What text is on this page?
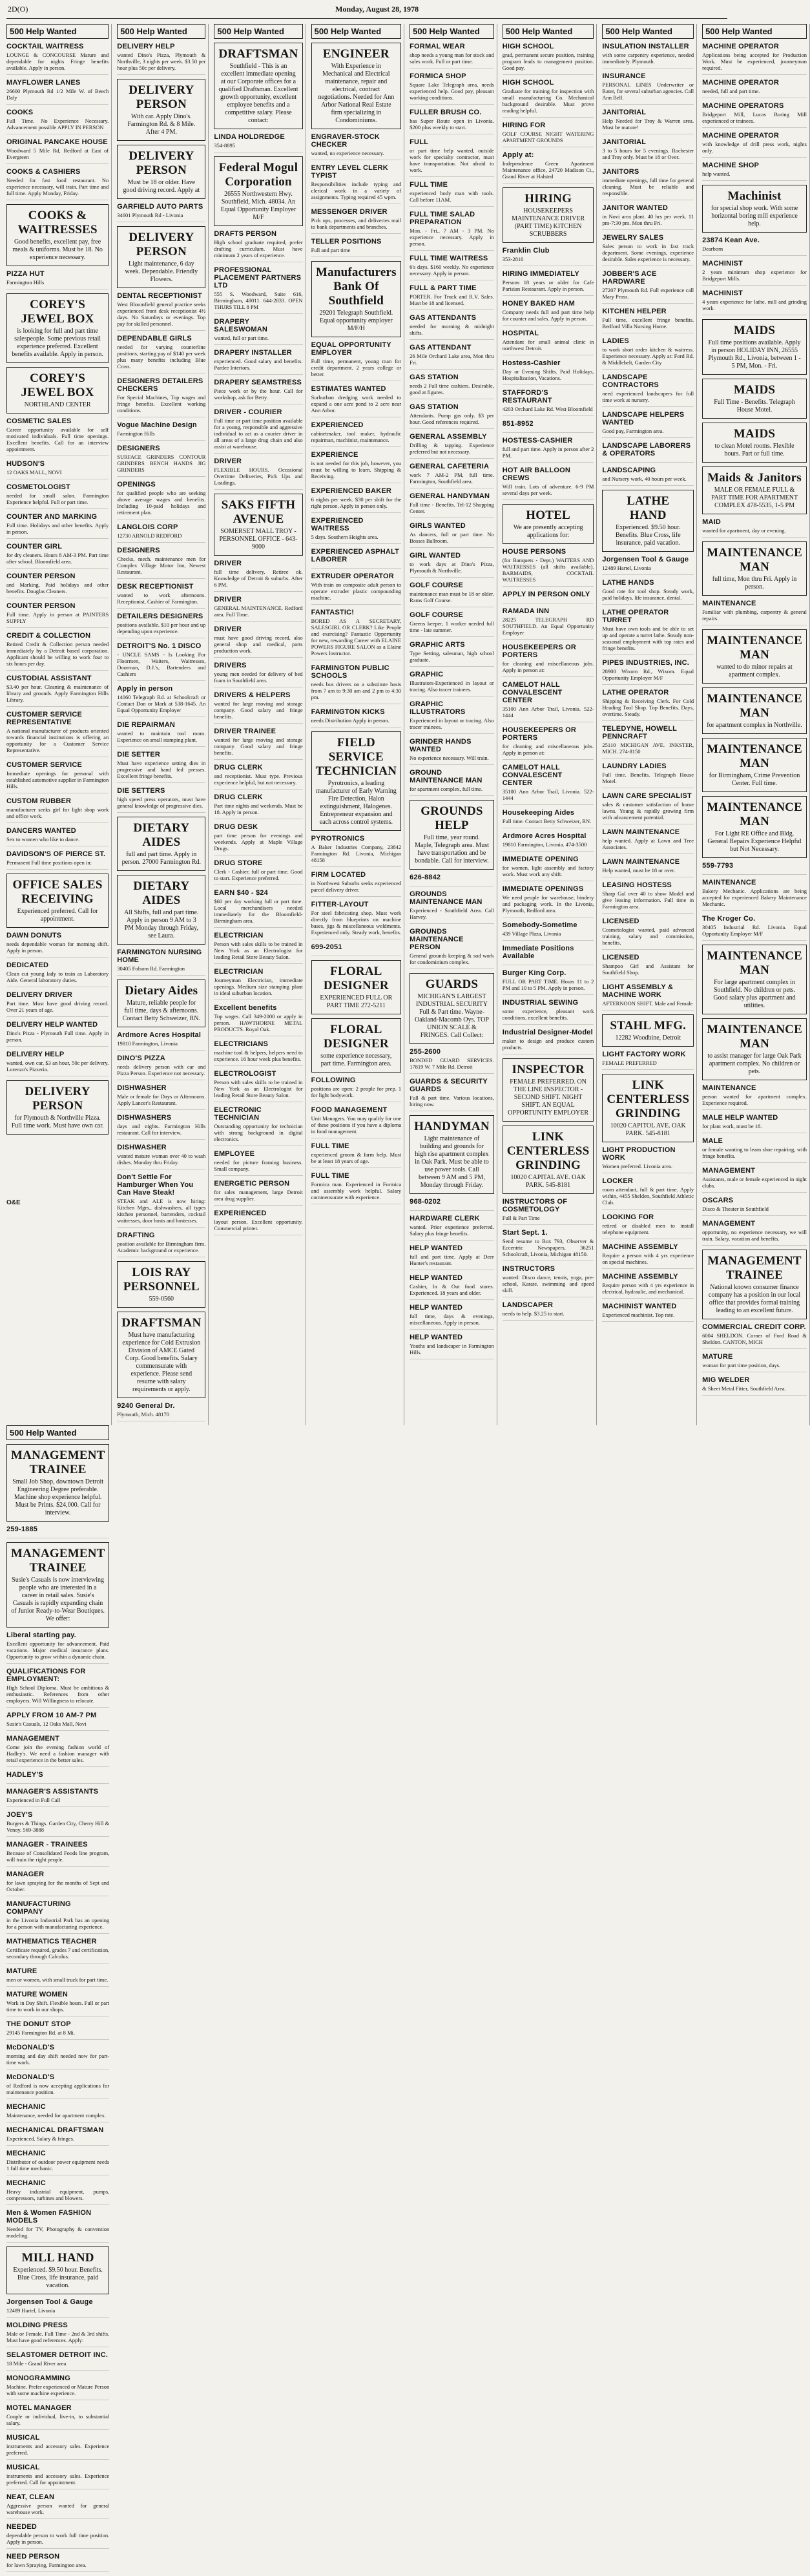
2D(O)	Monday, August 28, 1978
500 Help Wanted
COCKTAIL WAITRESS

LOUNGE & CONCOURSE Mature and dependable for nights Fringe benefits available. Apply in person.

MAYFLOWER LANES

26600 Plymouth Rd 1/2 Mile W. of Beech Daly

COOKS

Full Time. No Experience Necessary. Advancement possible APPLY IN PERSON

ORIGINAL PANCAKE HOUSE

Woodward 5 Mile Rd, Redford at East of Evergreen

COOKS & CASHIERS

Needed for fast food restaurant. No experience necessary, will train. Part time and full time. Apply Monday, Friday.

COOKS & WAITRESSES

Good benefits, excellent pay, free meals & uniforms. Must be 18. No experience necessary.

PIZZA HUT

Farmington Hills

COREY'S JEWEL BOX

is looking for full and part time salespeople. Some previous retail experience preferred. Excellent benefits available. Apply in person.

COREY'S JEWEL BOX

NORTHLAND CENTER

COSMETIC SALES

Career opportunity available for self motivated individuals. Full time openings. Excellent benefits. Call for an interview appointment.

HUDSON'S

12 OAKS MALL, NOVI

COSMETOLOGIST

needed for small salon. Farmington Experience helpful. Full or part time.

COUNTER AND MARKING

Full time. Holidays and other benefits. Apply in person.

COUNTER GIRL

for dry cleaners. Hours 8 AM-3 PM. Part time after school. Bloomfield area.

COUNTER PERSON

and Marking. Paid holidays and other benefits. Douglas Cleaners.

COUNTER PERSON

Full time. Apply in person at PAINTERS SUPPLY

CREDIT & COLLECTION

Retired Credit & Collection person needed immediately by a Detroit based corporation. Applicant should be willing to work four to six hours per day.

CUSTODIAL ASSISTANT

$3.40 per hour. Cleaning & maintenance of library and grounds. Apply Farmington Hills Library.

CUSTOMER SERVICE REPRESENTATIVE

A national manufacturer of products oriented towards financial institutions is offering an opportunity for a Customer Service Representative.

CUSTOMER SERVICE

Immediate openings for personal with established automotive supplier in Farmington Hills.

CUSTOM RUBBER

manufacturer seeks girl for light shop work and office work.

DANCERS WANTED

Sex to women who like to dance.

DAVIDSON'S OF PIERCE ST.

Permanent Full time positions open in:

OFFICE SALES RECEIVING

Experienced preferred. Call for appointment.

DAWN DONUTS

needs dependable woman for morning shift. Apply in person.

DEDICATED

Clean cut young lady to train as Laboratory Aide. General laboratory duties.

DELIVERY DRIVER

Part time. Must have good driving record. Over 21 years of age.

DELIVERY HELP WANTED

Dino's Pizza - Plymouth Full time. Apply in person.

DELIVERY HELP

wanted, own car, $3 an hour, 50c per delivery. Lorenzo's Pizzeria.

DELIVERY PERSON

for Plymouth & Northville Pizza. Full time work. Must have own car.

500 Help Wanted
DELIVERY HELP

wanted Dino's Pizza, Plymouth & Northville, 3 nights per week. $3.50 per hour plus 50c per delivery.

DELIVERY PERSON

With car. Apply Dino's. Farmington Rd. & 8 Mile. After 4 PM.

DELIVERY PERSON

Must be 18 or older. Have good driving record. Apply at

GARFIELD AUTO PARTS

34601 Plymouth Rd - Livonia

DELIVERY PERSON

Light maintenance, 6 day week. Dependable. Friendly Flowers.

DENTAL RECEPTIONIST

West Bloomfield general practice seeks experienced front desk receptionist 4½ days. No Saturdays or evenings. Top pay for skilled personnel.

DEPENDABLE GIRLS

needed for varying counterline positions, starting pay of $140 per week plus many benefits including Blue Cross.

DESIGNERS DETAILERS CHECKERS

For Special Machines, Top wages and fringe benefits. Excellent working conditions.

Vogue Machine Design

Farmington Hills

DESIGNERS

SURFACE GRINDERS CONTOUR GRINDERS BENCH HANDS JIG GRINDERS

OPENINGS

for qualified people who are seeking above average wages and benefits. Including 10-paid holidays and retirement plan.

LANGLOIS CORP

12730 ARNOLD REDFORD

DESIGNERS

Checks, mech. maintenance men for Complex Village Motor Inn, Newest Restaurant.

DESK RECEPTIONIST

wanted to work afternoons. Receptionist, Cashier of Farmington.

DETAILERS DESIGNERS

positions available. $10 per hour and up depending upon experience.

DETROIT'S No. 1 DISCO

- UNCLE SAMS - Is Looking For Floormen, Waiters, Waitresses, Doorman, D.J.'s, Bartenders and Cashiers

Apply in person

14060 Telegraph Rd. at Schoolcraft or Contact Don or Mark at 538-1645. An Equal Opportunity Employer

DIE REPAIRMAN

wanted to maintain tool room. Experience on small stamping plant.

DIE SETTER

Must have experience setting dies in progressive and hand fed presses. Excellent fringe benefits.

DIE SETTERS

high speed press operators, must have general knowledge of progressive dies.

DIETARY AIDES

full and part time. Apply in person. 27000 Farmington Rd.

DIETARY AIDES

All Shifts, full and part time. Apply in person 9 AM to 3 PM Monday through Friday, see Laura.

FARMINGTON NURSING HOME

30405 Folsom Rd. Farmington

Dietary Aides

Mature, reliable people for full time, days & afternoons. Contact Betty Schweizer, RN.

Ardmore Acres Hospital

19810 Farmington, Livonia

DINO'S PIZZA

needs delivery person with car and Pizza Person. Experience not necessary.

DISHWASHER

Male or female for Days or Afternoons. Apply Lancer's Restaurant.

DISHWASHERS

days and nights. Farmington Hills restaurant. Call for interview.

DISHWASHER

wanted mature woman over 40 to wash dishes. Monday thru Friday.

Don't Settle For Hamburger When You Can Have Steak!

STEAK and ALE is now hiring: Kitchen Mgrs., dishwashers, all types kitchen personnel, bartenders, cocktail waitresses, door hosts and hostesses.

DRAFTING

position available for Birmingham firm. Academic background or experience.

LOIS RAY PERSONNEL

559-0560

DRAFTSMAN

Must have manufacturing experience for Cold Extrusion Division of AMCE Gated Corp. Good benefits. Salary commensurate with experience. Please send resume with salary requirements or apply.

9240 General Dr.

Plymouth, Mich. 48170

500 Help Wanted
DRAFTSMAN

Southfield - This is an excellent immediate opening at our Corporate offices for a qualified Draftsman. Excellent growth opportunity, excellent employee benefits and a competitive salary. Please contact:

LINDA HOLDREDGE

354-8895

Federal Mogul Corporation

26555 Northwestern Hwy. Southfield, Mich. 48034. An Equal Opportunity Employer M/F

DRAFTS PERSON

High school graduate required, prefer drafting curriculum. Must have minimum 2 years of experience.

PROFESSIONAL PLACEMENT PARTNERS LTD

555 S. Woodward, Suite 616, Birmingham, 48011. 644-2833. OPEN THURS TILL 8 PM

DRAPERY SALESWOMAN

wanted, full or part time.

DRAPERY INSTALLER

experienced. Good salary and benefits. Pardee Interiors.

DRAPERY SEAMSTRESS

Piece work or by the hour. Call for workshop, ask for Betty.

DRIVER - COURIER

Full time or part time position available for a young, responsible and aggressive individual to act as a courier driver in all areas of a large drug chain and also assist at warehouse.

DRIVER

FLEXIBLE HOURS. Occasional Overtime Deliveries, Pick Ups and Loadings.

SAKS FIFTH AVENUE

SOMERSET MALL TROY - PERSONNEL OFFICE - 643-9000

DRIVER

full time delivery. Retiree ok. Knowledge of Detroit & suburbs. After 6 PM.

DRIVER

GENERAL MAINTENANCE. Redford area. Full Time.

DRIVER

must have good driving record, also general shop and medical, parts production work.

DRIVERS

young men needed for delivery of bed foam in Southfield area.

DRIVERS & HELPERS

wanted for large moving and storage company. Good salary and fringe benefits.

DRIVER TRAINEE

wanted for large moving and storage company. Good salary and fringe benefits.

DRUG CLERK

and receptionist. Must type. Previous experience helpful, but not necessary.

DRUG CLERK

Part time nights and weekends. Must be 18. Apply in person.

DRUG DESK

part time person for evenings and weekends. Apply at Maple Village Drugs.

DRUG STORE

Clerk - Cashier, full or part time. Good to start. Experience preferred.

EARN $40 - $24

$60 per day working full or part time. Local merchandisers needed immediately for the Bloomfield-Birmingham area.

ELECTRICIAN

Person with sales skills to be trained in New York as an Electrologist for leading Retail Store Beauty Salon.

ELECTRICIAN

Journeyman Electrician, immediate openings. Medium size stamping plant in ideal suburban location.

Excellent benefits

Top wages. Call 349-2000 or apply in person. HAWTHORNE METAL PRODUCTS. Royal Oak.

ELECTRICIANS

machine tool & helpers, helpers need to experience. 16 hour week plus benefits.

ELECTROLOGIST

Person with sales skills to be trained in New York as an Electrologist for leading Retail Store Beauty Salon.

ELECTRONIC TECHNICIAN

Outstanding opportunity for technician with strong background in digital electronics.

EMPLOYEE

needed for picture framing business. Small company.

ENERGETIC PERSON

for sales management, large Detroit area drug supplier.

EXPERIENCED

layout person. Excellent opportunity. Commercial printer.

500 Help Wanted
ENGINEER

With Experience in Mechanical and Electrical maintenance, repair and electrical, contract negotiations. Needed for Ann Arbor National Real Estate firm specializing in Condominiums.

ENGRAVER-STOCK CHECKER

wanted, no experience necessary.

ENTRY LEVEL CLERK TYPIST

Responsibilities include typing and clerical work in a variety of assignments. Typing required 45 wpm.

MESSENGER DRIVER

Pick ups, processes, and deliveries mail to bank departments and branches.

TELLER POSITIONS

Full and part time

Manufacturers Bank Of Southfield

29201 Telegraph Southfield. Equal opportunity employer M/F/H

EQUAL OPPORTUNITY EMPLOYER

Full time, permanent, young man for credit department. 2 years college or better.

ESTIMATES WANTED

Surburban dredging work needed to expand a one acre pond to 2 acre near Ann Arbor.

EXPERIENCED

cabinetmaker, tool maker, hydraulic repairman, machinist, maintenance.

EXPERIENCE

is not needed for this job, however, you must be willing to learn. Shipping & Receiving.

EXPERIENCED BAKER

6 nights per week. $30 per shift for the right person. Apply in person only.

EXPERIENCED WAITRESS

5 days. Southern Heights area.

EXPERIENCED ASPHALT LABORER
EXTRUDER OPERATOR

With train on composite adult person to operate extruder plastic compounding machine.

FANTASTIC!

BORED AS A SECRETARY, SALESGIRL OR CLERK? Like People and exercising? Fantastic Opportunity for new, rewarding Career with ELAINE POWERS FIGURE SALON as a Elaine Powers Instructor.

FARMINGTON PUBLIC SCHOOLS

needs bus drivers on a substitute basis from 7 am to 9:30 am and 2 pm to 4:30 pm.

FARMINGTON KICKS

needs Distribution Apply in person.

FIELD SERVICE TECHNICIAN

Pyrotronics, a leading manufacturer of Early Warning Fire Detection, Halon extinguishment, Halogenes. Entrepreneur expansion and each across control systems.

PYROTRONICS

A Baker Industries Company, 23842 Farmington Rd. Livonia, Michigan 48158

FIRM LOCATED

in Northwest Suburbs seeks experienced parcel delivery driver.

FITTER-LAYOUT

For steel fabricating shop. Must work directly from blueprints on machine bases, jigs & miscellaneous weldments. Experienced only. Steady work, benefits.

699-2051
FLORAL DESIGNER

EXPERIENCED FULL OR PART TIME 272-5211

FLORAL DESIGNER

some experience necessary, part time. Farmington area.

FOLLOWING

positions are open: 2 people for prep. 1 for light bodywork.

FOOD MANAGEMENT

Unit Managers. You may qualify for one of these positions if you have a diploma in food management.

FULL TIME

experienced groom & farm help. Must be at least 18 years of age.

FULL TIME

Formica man. Experienced in Formica and assembly work helpful. Salary commensurate with experience.

500 Help Wanted
FORMAL WEAR

shop needs a young man for stock and sales work. Full or part time.

FORMICA SHOP

Square Lake Telegraph area, needs experienced help. Good pay, pleasant working conditions.

FULLER BRUSH CO.

has Super Route open in Livonia. $200 plus weekly to start.

FULL

or part time help wanted, outside work for specialty contractor, must have transportation. Not afraid to work.

FULL TIME

experienced body man with tools. Call before 11AM.

FULL TIME SALAD PREPARATION

Mon. - Fri., 7 AM - 3 PM. No experience necessary. Apply in person.

FULL TIME WAITRESS

6's days. $160 weekly. No experience necessary. Apply in person.

FULL & PART TIME

PORTER. For Truck and R.V. Sales. Must be 18 and licensed.

GAS ATTENDANTS

needed for morning & midnight shifts.

GAS ATTENDANT

26 Mile Orchard Lake area, Mon thru Fri.

GAS STATION

needs 2 Full time cashiers. Desirable, good at figures.

GAS STATION

Attendants. Pump gas only. $3 per hour. Good references required.

GENERAL ASSEMBLY

Drilling & tapping. Experience preferred but not necessary.

GENERAL CAFETERIA

work 7 AM-2 PM, full time. Farmington, Southfield area.

GENERAL HANDYMAN

Full time - Benefits. Tel-12 Shopping Center.

GIRLS WANTED

As dancers, full or part time. No Bosses Ballroom.

GIRL WANTED

to work days at Dino's Pizza, Plymouth & Northville.

GOLF COURSE

maintenance man must be 18 or older. Rams Golf Course.

GOLF COURSE

Greens keeper, 1 worker needed full time - late summer.

GRAPHIC ARTS

Type Setting, salesman, high school graduate.

GRAPHIC

Illustrators-Experienced in layout or tracing. Also tracer trainees.

GRAPHIC ILLUSTRATORS

Experienced in layout or tracing. Also tracer trainees.

GRINDER HANDS WANTED

No experience necessary. Will train.

GROUND MAINTENANCE MAN

for apartment complex, full time.

GROUNDS HELP

Full time, year round. Maple, Telegraph area. Must have transportation and be bondable. Call for interview.

626-8842
GROUNDS MAINTENANCE MAN

Experienced - Southfield Area. Call Harvey.

GROUNDS MAINTENANCE PERSON

General grounds keeping & sod work for condominium complex.

GUARDS

MICHIGAN'S LARGEST INDUSTRIAL SECURITY Full & Part time. Wayne-Oakland-Macomb Oys. TOP UNION SCALE & FRINGES. Call Collect:

255-2600

BONDED GUARD SERVICES. 17819 W. 7 Mile Rd. Detroit

GUARDS & SECURITY GUARDS

Full & part time. Various locations, hiring now.

HANDYMAN

Light maintenance of building and grounds for high rise apartment complex in Oak Park. Must be able to use power tools. Call between 9 AM and 5 PM, Monday through Friday.

968-0202
HARDWARE CLERK

wanted. Prior experience preferred. Salary plus fringe benefits.

HELP WANTED

full and part time. Apply at Deer Hunter's restaurant.

HELP WANTED

Cashier, In & Out food stores. Experienced. 18 years and older.

HELP WANTED

full time, days & evenings, miscellaneous. Apply in person.

HELP WANTED

Youths and landscaper in Farmington Hills.

500 Help Wanted
HIGH SCHOOL

grad, permanent secure position, training program leads to management position. Good pay.

HIGH SCHOOL

Graduate for training for inspection with small manufacturing Co. Mechanical background desirable. Must prove reading helpful.

HIRING FOR

GOLF COURSE NIGHT WATERING APARTMENT GROUNDS

Apply at:

Independence Green Apartment Maintenance office, 24720 Madison Ct., Grand River at Halsted

HIRING

HOUSEKEEPERS MAINTENANCE DRIVER (PART TIME) KITCHEN SCRUBBERS

Franklin Club

353-2810

HIRING IMMEDIATELY

Persons 18 years or older for Cafe Parisian Restaurant. Apply in person.

HONEY BAKED HAM

Company needs full and part time help for counter and sales. Apply in person.

HOSPITAL

Attendant for small animal clinic in northwest Detroit.

Hostess-Cashier

Day or Evening Shifts. Paid Holidays, Hospitalization, Vacations.

STAFFORD'S RESTAURANT

4203 Orchard Lake Rd. West Bloomfield

851-8952
HOSTESS-CASHIER

full and part time. Apply in person after 2 PM.

HOT AIR BALLOON CREWS

Will train. Lots of adventure. 6-9 PM several days per week.

HOTEL

We are presently accepting applications for:

HOUSE PERSONS

(for Banquets - Dept.) WAITERS AND WAITRESSES (all shifts available). BARMAIDS, COCKTAIL WAITRESSES

APPLY IN PERSON ONLY
RAMADA INN

28225 TELEGRAPH RD SOUTHFIELD. An Equal Opportunity Employer

HOUSEKEEPERS OR PORTERS

for cleaning and miscellaneous jobs. Apply in person at:

CAMELOT HALL CONVALESCENT CENTER

35100 Ann Arbor Trail, Livonia. 522-1444

HOUSEKEEPERS OR PORTERS

for cleaning and miscellaneous jobs. Apply in person at:

CAMELOT HALL CONVALESCENT CENTER

35100 Ann Arbor Trail, Livonia. 522-1444

Housekeeping Aides

Full time. Contact Betty Schweizer, RN.

Ardmore Acres Hospital

19810 Farmington, Livonia. 474-3500

IMMEDIATE OPENING

for women, light assembly and factory work. Must work any shift.

IMMEDIATE OPENINGS

We need people for warehouse, bindery and packaging work. In the Livonia, Plymouth, Redford area.

Somebody-Sometime

439 Village Plaza, Livonia

Immediate Positions Available
Burger King Corp.

FULL OR PART TIME. Hours 11 to 2 PM and 10 to 5 PM. Apply in person.

INDUSTRIAL SEWING

some experience, pleasant work conditions, excellent benefits.

Industrial Designer-Model

maker to design and produce custom products.

INSPECTOR

FEMALE PREFERRED. ON THE LINE INSPECTOR - SECOND SHIFT. NIGHT SHIFT. AN EQUAL OPPORTUNITY EMPLOYER

LINK CENTERLESS GRINDING

10020 CAPITAL AVE. OAK PARK. 545-8181

INSTRUCTORS OF COSMETOLOGY

Full & Part Time

Start Sept. 1.

Send resume to Box 793, Observer & Eccentric Newspapers, 36251 Schoolcraft, Livonia, Michigan 48150.

INSTRUCTORS

wanted: Disco dance, tennis, yoga, pre-school, Karate, swimming and speed skill.

LANDSCAPER

needs to help. $3.25 to start.

500 Help Wanted
INSULATION INSTALLER

with some carpentry experience, needed immediately. Plymouth.

INSURANCE

PERSONAL LINES Underwriter or Rater, for several suburban agencies. Call Ann Bell.

JANITORIAL

Help Needed for Troy & Warren area. Must be mature!

JANITORIAL

3 to 5 hours for 5 evenings. Rochester and Troy only. Must be 18 or Over.

JANITORS

immediate openings, full time for general cleaning. Must be reliable and responsible.

JANITOR WANTED

in Novi area plant. 40 hrs per week. 11 pm-7:30 pm. Mon thru Fri.

JEWELRY SALES

Sales person to work in fast track department. Some evenings, experience desirable. Sales experience is necessary.

JOBBER'S ACE HARDWARE

27207 Plymouth Rd. Full experience call Mary Pross.

KITCHEN HELPER

Full time, excellent fringe benefits. Bedford Villa Nursing Home.

LADIES

to work short order kitchen & waitress. Experience necessary. Apply at: Ford Rd. & Middlebelt, Garden City

LANDSCAPE CONTRACTORS

need experienced landscapers for full time work at nursery.

LANDSCAPE HELPERS WANTED

Good pay, Farmington area.

LANDSCAPE LABORERS & OPERATORS
LANDSCAPING

and Nursery work, 40 hours per week.

LATHE HAND

Experienced. $9.50 hour. Benefits. Blue Cross, life insurance, paid vacation.

Jorgensen Tool & Gauge

12489 Hartel, Livonia

LATHE HANDS

Good rate for tool shop. Steady work, paid holidays, life insurance, dental.

LATHE OPERATOR TURRET

Must have own tools and be able to set up and operate a turret lathe. Steady non-seasonal employment with top rates and fringe benefits.

PIPES INDUSTRIES, INC.

28900 Wixom Rd., Wixom. Equal Opportunity Employer M/F

LATHE OPERATOR

Shipping & Receiving Clerk. For Cold Heading Tool Shop. Top Benefits. Days, overtime. Steady.

TELEDYNE, HOWELL PENNCRAFT

25110 MICHIGAN AVE. INKSTER, MICH. 274-8150

LAUNDRY LADIES

Full time. Benefits. Telegraph House Motel.

LAWN CARE SPECIALIST

sales & customer satisfaction of home lawns. Young & rapidly growing firm with advancement potential.

LAWN MAINTENANCE

help wanted. Apply at Lawn and Tree Associates.

LAWN MAINTENANCE

Help wanted, must be 18 or over.

LEASING HOSTESS

Sharp Gal over 40 to show Model and give leasing information. Full time in Farmington area.

LICENSED

Cosmetologist wanted, paid advanced training, salary and commission, benefits.

LICENSED

Shampoo Girl and Assistant for Southfield Shop.

LIGHT ASSEMBLY & MACHINE WORK

AFTERNOON SHIFT. Male and Female

STAHL MFG.

12282 Woodbine, Detroit

LIGHT FACTORY WORK

FEMALE PREFERRED

LINK CENTERLESS GRINDING

10020 CAPITOL AVE. OAK PARK. 545-8181

LIGHT PRODUCTION WORK

Women preferred. Livonia area.

LOCKER

room attendant, full & part time. Apply within, 4455 Shelden, Southfield Athletic Club.

LOOKING FOR

retired or disabled men to install telephone equipment.

MACHINE ASSEMBLY

Require a person with 4 yrs experience on special machines.

MACHINE ASSEMBLY

Require person with 4 yrs experience in electrical, hydraulic, and mechanical.

MACHINIST WANTED

Experienced machinist. Top rate.

500 Help Wanted
MACHINE OPERATOR

Applications being accepted for Production Work. Must be experienced, journeyman required.

MACHINE OPERATOR

needed, full and part time.

MACHINE OPERATORS

Bridgeport Mill, Lucas Boring Mill experienced or trainees.

MACHINE OPERATOR

with knowledge of drill press work, nights only.

MACHINE SHOP

help wanted.

Machinist

for special shop work. With some horizontal boring mill experience help.

23874 Kean Ave.

Dearborn

MACHINIST

2 years minimum shop experience for Bridgeport Mills.

MACHINIST

4 years experience for lathe, mill and grinding work.

MAIDS

Full time positions available. Apply in person HOLIDAY INN, 26555 Plymouth Rd., Livonia, between 1 - 5 PM, Mon. - Fri.

MAIDS

Full Time - Benefits. Telegraph House Motel.

MAIDS

to clean Motel rooms. Flexible hours. Part or full time.

Maids & Janitors

MALE OR FEMALE FULL & PART TIME FOR APARTMENT COMPLEX 478-5535, 1-5 PM

MAID

wanted for apartment, day or evening.

MAINTENANCE MAN

full time, Mon thru Fri. Apply in person.

MAINTENANCE

Familiar with plumbing, carpentry & general repairs.

MAINTENANCE MAN

wanted to do minor repairs at apartment complex.

MAINTENANCE MAN

for apartment complex in Northville.

MAINTENANCE MAN

for Birmingham, Crime Prevention Center. Full time.

MAINTENANCE MAN

For Light RE Office and Bldg. General Repairs Experience Helpful but Not Necessary.

559-7793
MAINTENANCE

Bakery Mechanic. Applications are being accepted for experienced Bakery Maintenance Mechanic.

The Kroger Co.

30405 Industrial Rd. Livonia. Equal Opportunity Employer M/F

MAINTENANCE MAN

For large apartment complex in Southfield. No children or pets. Good salary plus apartment and utilities.

MAINTENANCE MAN

to assist manager for large Oak Park apartment complex. No children or pets.

MAINTENANCE

person wanted for apartment complex. Experience required.

MALE HELP WANTED

for plant work, must be 18.

MALE

or female wanting to learn shoe repairing, with fringe benefits.

MANAGEMENT

Assistants, male or female experienced in night clubs.

OSCARS

Disco & Theater in Southfield

MANAGEMENT

opportunity, no experience necessary, we will train. Salary, vacation and benefits.

MANAGEMENT TRAINEE

National known consumer finance company has a position in our local office that provides formal training leading to an excellent future.

COMMERCIAL CREDIT CORP.

6004 SHELDON. Corner of Ford Road & Sheldon. CANTON, MICH

MATURE

woman for part time position, days.

MIG WELDER

& Sheet Metal Fitter, Southfield Area.

500 Help Wanted
MANAGEMENT TRAINEE

Small Job Shop, downtown Detroit Engineering Degree preferable. Machine shop experience helpful. Must be Prints. $24,000. Call for interview.

259-1885
MANAGEMENT TRAINEE

Susie's Casuals is now interviewing people who are interested in a career in retail sales. Susie's Casuals is rapidly expanding chain of Junior Ready-to-Wear Boutiques. We offer:

Liberal starting pay.

Excellent opportunity for advancement. Paid vacations. Major medical insurance plans. Opportunity to grow within a dynamic chain.

QUALIFICATIONS FOR EMPLOYMENT:

High School Diploma. Must be ambitious & enthusiastic. References from other employers. Will Willingness to relocate.

APPLY FROM 10 AM-7 PM

Susie's Casuals, 12 Oaks Mall, Novi

MANAGEMENT

Come join the evening fashion world of Hadley's. We need a fashion manager with retail experience in the better sales.

HADLEY'S
MANAGER'S ASSISTANTS

Experienced in Full Call

JOEY'S

Burgers & Things. Garden City, Cherry Hill & Venoy. 569-3888

MANAGER - TRAINEES

Because of Consolidated Foods line program, will train the right people.

MANAGER

for lawn spraying for the months of Sept and October.

MANUFACTURING COMPANY

in the Livonia Industrial Park has an opening for a person with manufacturing experience.

MATHEMATICS TEACHER

Certificate required, grades 7 and certification, secondary through Calculus.

MATURE

men or women, with small truck for part time.

MATURE WOMEN

Work in Day Shift. Flexible hours. Full or part time to work in our shops.

THE DONUT STOP

29145 Farmington Rd. at 8 Mi.

McDONALD'S

morning and day shift needed now for part-time work.

McDONALD'S

of Redford is now accepting applications for maintenance position.

MECHANIC

Maintenance, needed for apartment complex.

MECHANICAL DRAFTSMAN

Experienced. Salary & fringes.

MECHANIC

Distributor of outdoor power equipment needs 1 full time mechanic.

MECHANIC

Heavy industrial equipment, pumps, compressors, turbines and blowers.

Men & Women FASHION MODELS

Needed for TV, Photography & convention modeling.

MILL HAND

Experienced. $9.50 hour. Benefits. Blue Cross, life insurance, paid vacation.

Jorgensen Tool & Gauge

12489 Hartel, Livonia

MOLDING PRESS

Male or Female. Full Time - 2nd & 3rd shifts. Must have good references. Apply:

SELASTOMER DETROIT INC.

18 Mile - Grand River area

MONOGRAMMING

Machine. Prefer experienced or Mature Person with some machine experience.

MOTEL MANAGER

Couple or individual, live-in, to substantial salary.

MUSICAL

instruments and accessory sales. Experience preferred.

MUSICAL

instruments and accessory sales. Experience preferred. Call for appointment.

NEAT, CLEAN

Aggressive person wanted for general warehouse work.

NEEDED

dependable person to work full time position. Apply in person.

NEED PERSON

for lawn Spraying, Farmington area.

O&E
